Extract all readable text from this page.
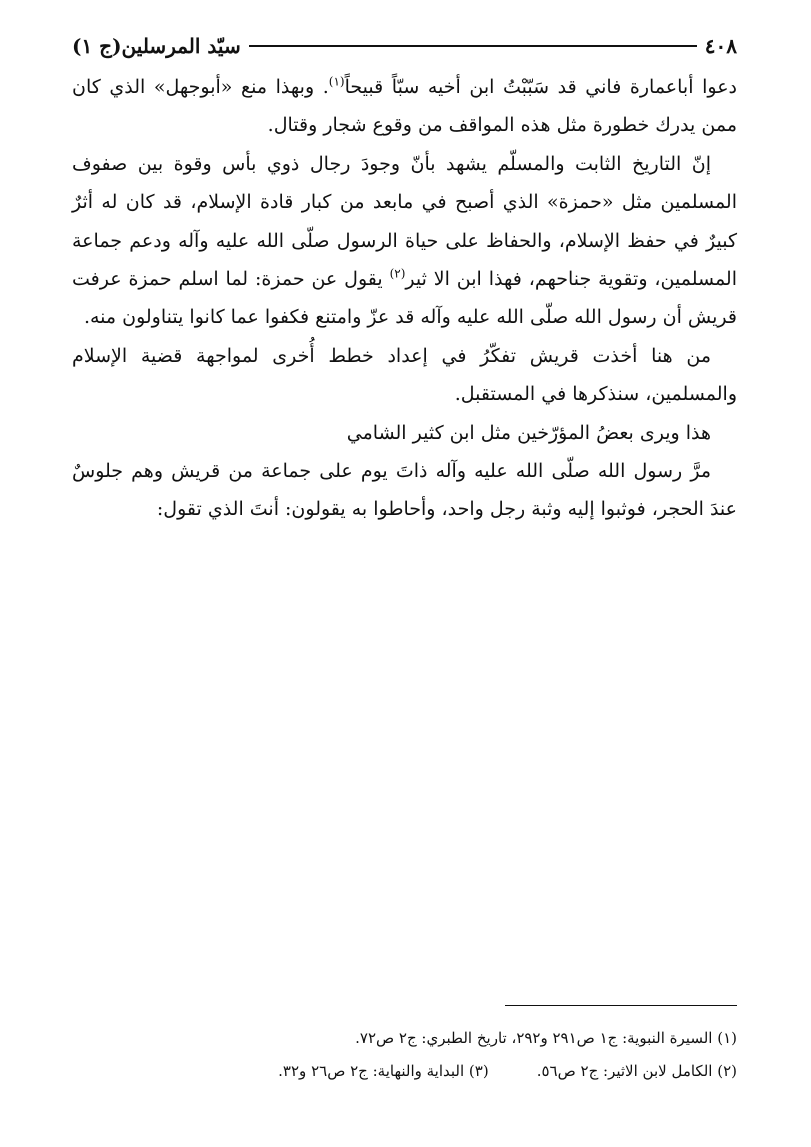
٤٠٨
سيّد المرسلين(ج ١)

دعوا أباعمارة فاني قد سَبّبْتُ ابن أخيه سبّاً قبيحاً$^{(١)}$. وبهذا منع «أبوجهل» الذي كان ممن يدرك خطورة مثل هذه المواقف من وقوع شجار وقتال.

إنّ التاريخ الثابت والمسلّم يشهد بأنّ وجودَ رجال ذوي بأس وقوة بين صفوف المسلمين مثل «حمزة» الذي أصبح في مابعد من كبار قادة الإسلام، قد كان له أثرٌ كبيرٌ في حفظ الإسلام، والحفاظ على حياة الرسول صلّى الله عليه وآله ودعم جماعة المسلمين، وتقوية جناحهم، فهذا ابن الا ثير$^{(٢)}$ يقول عن حمزة: لما اسلم حمزة عرفت قريش أن رسول الله صلّى الله عليه وآله قد عزّ وامتنع فكفوا عما كانوا يتناولون منه.

من هنا أخذت قريش تفكّرُ في إعداد خطط أُخرى لمواجهة قضية الإسلام والمسلمين، سنذكرها في المستقبل.

هذا ويرى بعضُ المؤرّخين مثل ابن كثير الشامي

مرَّ رسول الله صلّى الله عليه وآله ذاتَ يوم على جماعة من قريش وهم جلوسٌ عندَ الحجر، فوثبوا إليه وثبة رجل واحد، وأحاطوا به يقولون: أنتَ الذي تقول:

(١) السيرة النبوية: ج١ ص٢٩١ و٢٩٢، تاريخ الطبري: ج٢ ص٧٢.
(٢) الكامل لابن الاثير: ج٢ ص٥٦.
(٣) البداية والنهاية: ج٢ ص٢٦ و٣٢.
